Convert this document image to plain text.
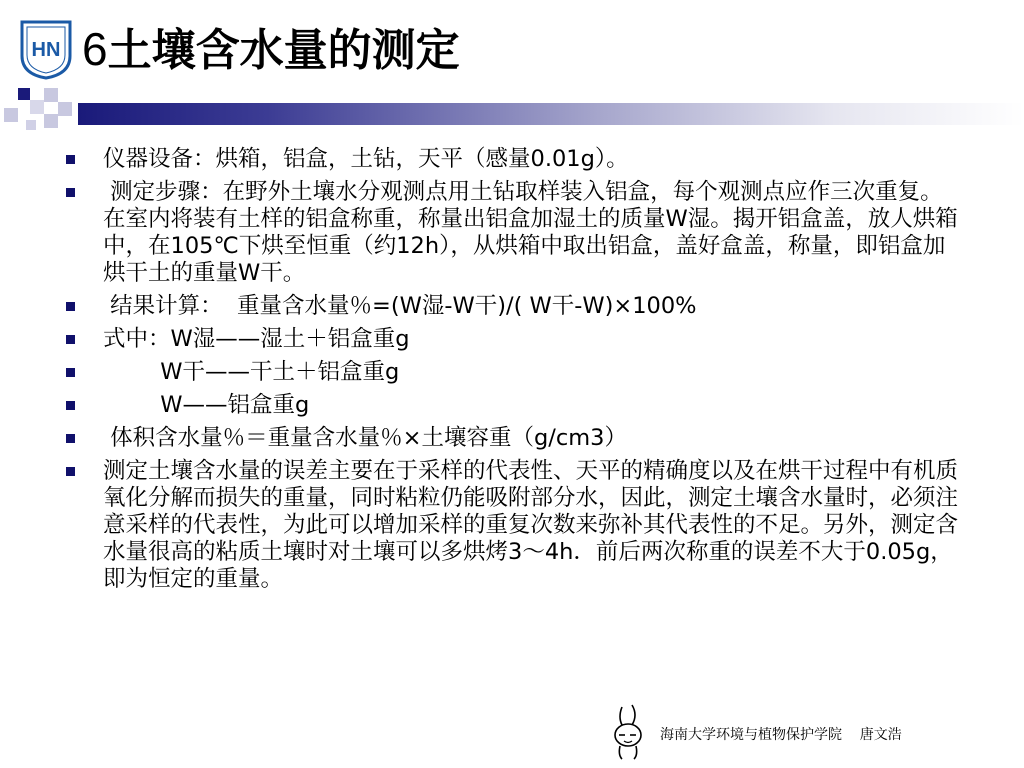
HN 6土壤含水量的测定
仪器设备：烘箱，铝盒，土钻，天平（感量0.01g）。
测定步骤：在野外土壤水分观测点用土钻取样装入铝盒，每个观测点应作三次重复。在室内将装有土样的铝盒称重，称量出铝盒加湿土的质量W湿。揭开铝盒盖，放人烘箱中，在105℃下烘至恒重（约12h），从烘箱中取出铝盒，盖好盒盖，称量，即铝盒加烘干土的重量W干。
结果计算：  重量含水量％=(W湿-W干)/( W干-W)×100%
式中：W湿——湿土＋铝盒重g
W干——干土＋铝盒重g
W——铝盒重g
体积含水量％＝重量含水量％×土壤容重（g/cm3）
测定土壤含水量的误差主要在于采样的代表性、天平的精确度以及在烘干过程中有机质氧化分解而损失的重量，同时粘粒仍能吸附部分水，因此，测定土壤含水量时，必须注意采样的代表性，为此可以增加采样的重复次数来弥补其代表性的不足。另外，测定含水量很高的粘质土壤时对土壤可以多烘烤3～4h．前后两次称重的误差不大于0.05g，即为恒定的重量。
海南大学环境与植物保护学院    唐文浩
